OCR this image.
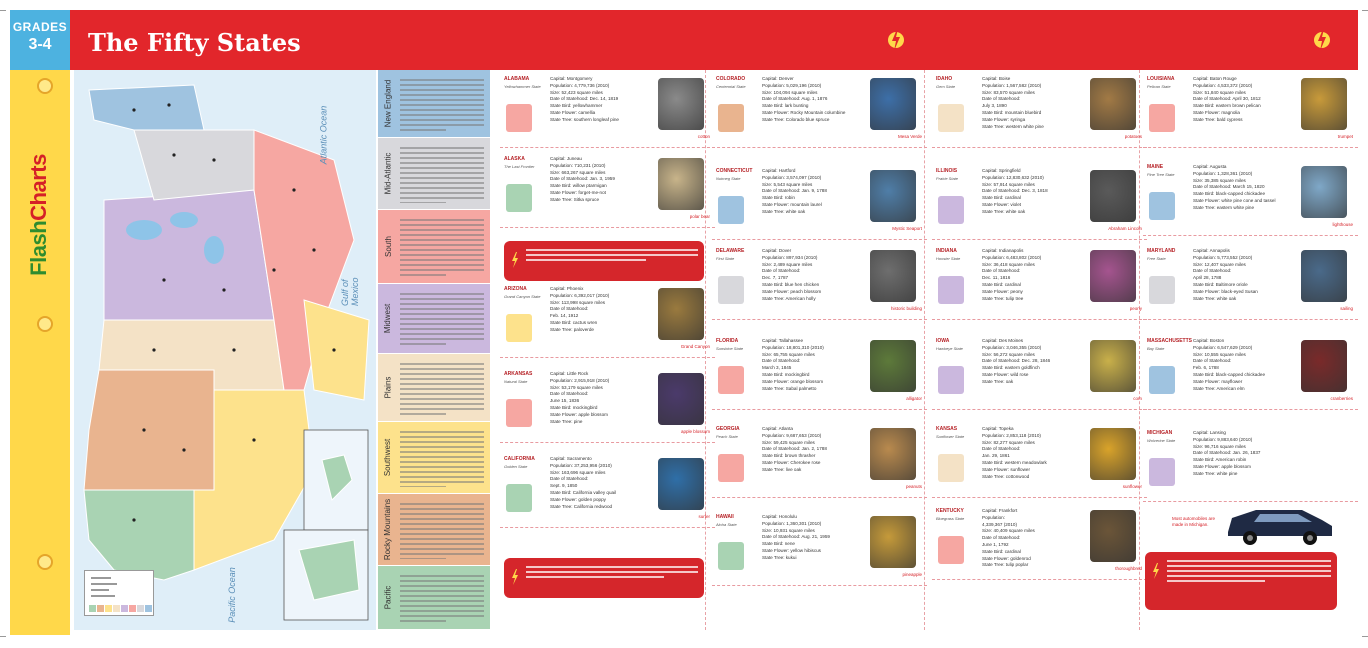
GRADES
3-4
FlashCharts
The Fifty States
Atlantic Ocean
Gulf of Mexico
Pacific Ocean
New England
Mid-Atlantic
South
Midwest
Plains
Southwest
Rocky Mountains
Pacific
ALABAMA
Yellowhammer State
Capital: Montgomery
Population: 4,779,736 (2010)
Size: 52,423 square miles
Date of Statehood: Dec. 14, 1819
State Bird: yellowhammer
State Flower: camellia
State Tree: southern longleaf pine
cotton
ALASKA
The Last Frontier
Capital: Juneau
Population: 710,231 (2010)
Size: 663,267 square miles
Date of Statehood: Jan. 3, 1959
State Bird: willow ptarmigan
State Flower: forget-me-not
State Tree: Sitka spruce
polar bear
ARIZONA
Grand Canyon State
Capital: Phoenix
Population: 6,392,017 (2010)
Size: 113,998 square miles
Date of Statehood:
Feb. 14, 1912
State Bird: cactus wren
State Tree: paloverde
Grand Canyon
ARKANSAS
Natural State
Capital: Little Rock
Population: 2,915,918 (2010)
Size: 53,179 square miles
Date of Statehood:
June 15, 1836
State Bird: mockingbird
State Flower: apple blossom
State Tree: pine
apple blossom
CALIFORNIA
Golden State
Capital: Sacramento
Population: 37,253,956 (2010)
Size: 163,696 square miles
Date of Statehood:
Sept. 9, 1850
State Bird: California valley quail
State Flower: golden poppy
State Tree: California redwood
surfer
COLORADO
Centennial State
Capital: Denver
Population: 5,029,196 (2010)
Size: 104,094 square miles
Date of Statehood: Aug. 1, 1876
State Bird: lark bunting
State Flower: Rocky Mountain columbine
State Tree: Colorado blue spruce
Mesa Verde
CONNECTICUT
Nutmeg State
Capital: Hartford
Population: 3,574,097 (2010)
Size: 5,543 square miles
Date of Statehood: Jan. 9, 1788
State Bird: robin
State Flower: mountain laurel
State Tree: white oak
Mystic Seaport
DELAWARE
First State
Capital: Dover
Population: 897,934 (2010)
Size: 2,489 square miles
Date of Statehood:
Dec. 7, 1787
State Bird: blue hen chicken
State Flower: peach blossom
State Tree: American holly
historic building
FLORIDA
Sunshine State
Capital: Tallahassee
Population: 18,801,310 (2010)
Size: 65,755 square miles
Date of Statehood:
March 3, 1845
State Bird: mockingbird
State Flower: orange blossom
State Tree: Sabal palmetto
alligator
GEORGIA
Peach State
Capital: Atlanta
Population: 9,687,653 (2010)
Size: 59,425 square miles
Date of Statehood: Jan. 2, 1788
State Bird: brown thrasher
State Flower: Cherokee rose
State Tree: live oak
peanuts
HAWAII
Aloha State
Capital: Honolulu
Population: 1,360,301 (2010)
Size: 10,931 square miles
Date of Statehood: Aug. 21, 1959
State Bird: nene
State Flower: yellow hibiscus
State Tree: kukui
pineapple
IDAHO
Gem State
Capital: Boise
Population: 1,567,582 (2010)
Size: 83,570 square miles
Date of Statehood:
July 3, 1890
State Bird: mountain bluebird
State Flower: syringa
State Tree: western white pine
potatoes
ILLINOIS
Prairie State
Capital: Springfield
Population: 12,830,632 (2010)
Size: 57,914 square miles
Date of Statehood: Dec. 3, 1818
State Bird: cardinal
State Flower: violet
State Tree: white oak
Abraham Lincoln
INDIANA
Hoosier State
Capital: Indianapolis
Population: 6,483,802 (2010)
Size: 36,418 square miles
Date of Statehood:
Dec. 11, 1816
State Bird: cardinal
State Flower: peony
State Tree: tulip tree
peony
IOWA
Hawkeye State
Capital: Des Moines
Population: 3,046,355 (2010)
Size: 56,272 square miles
Date of Statehood: Dec. 28, 1846
State Bird: eastern goldfinch
State Flower: wild rose
State Tree: oak
corn
KANSAS
Sunflower State
Capital: Topeka
Population: 2,853,118 (2010)
Size: 82,277 square miles
Date of Statehood:
Jan. 29, 1861
State Bird: western meadowlark
State Flower: sunflower
State Tree: cottonwood
sunflower
KENTUCKY
Bluegrass State
Capital: Frankfort
Population:
4,339,367 (2010)
Size: 40,409 square miles
Date of Statehood:
June 1, 1792
State Bird: cardinal
State Flower: goldenrod
State Tree: tulip poplar
thoroughbred
LOUISIANA
Pelican State
Capital: Baton Rouge
Population: 4,533,372 (2010)
Size: 51,840 square miles
Date of Statehood: April 30, 1812
State Bird: eastern brown pelican
State Flower: magnolia
State Tree: bald cypress
trumpet
MAINE
Pine Tree State
Capital: Augusta
Population: 1,328,361 (2010)
Size: 35,385 square miles
Date of Statehood: March 15, 1820
State Bird: black-capped chickadee
State Flower: white pine cone and tassel
State Tree: eastern white pine
lighthouse
MARYLAND
Free State
Capital: Annapolis
Population: 5,773,552 (2010)
Size: 12,407 square miles
Date of Statehood:
April 28, 1788
State Bird: Baltimore oriole
State Flower: black-eyed Susan
State Tree: white oak
sailing
MASSACHUSETTS
Bay State
Capital: Boston
Population: 6,547,629 (2010)
Size: 10,555 square miles
Date of Statehood:
Feb. 6, 1788
State Bird: black-capped chickadee
State Flower: mayflower
State Tree: American elm
cranberries
MICHIGAN
Wolverine State
Capital: Lansing
Population: 9,883,640 (2010)
Size: 96,716 square miles
Date of Statehood: Jan. 26, 1837
State Bird: American robin
State Flower: apple blossom
State Tree: white pine
Most automobiles are made in Michigan.
